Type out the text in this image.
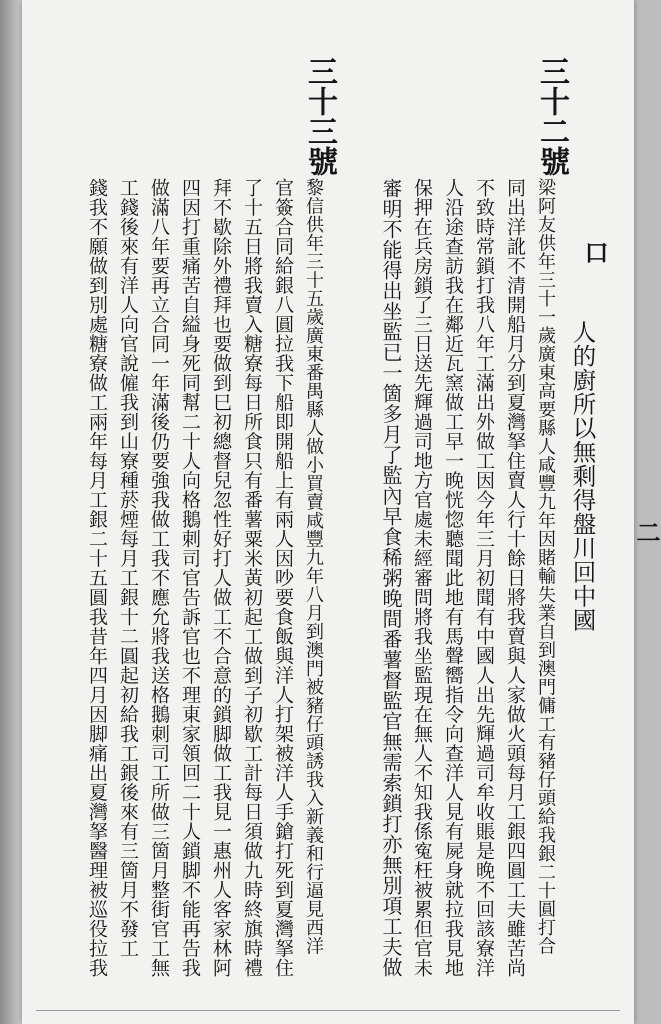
口
二
人的廚所以無剩得盤川回中國
三十二號
梁阿友供年三十一歲廣東高要縣人咸豐九年因賭輸失業自到澳門傭工有豬仔頭給我銀二十圓打合
同出洋訛不清開船月分到夏灣拏住賣人行十餘日將我賣與人家做火頭每月工銀四圓工夫雖苦尚
不致時常鎖打我八年工滿出外做工因今年三月初聞有中國人出先輝過司牟收賬是晚不回該寮洋
人沿途查訪我在鄰近瓦窯做工早一晚恍惚聽聞此地有馬聲嚮指令向查洋人見有屍身就拉我見地
保押在兵房鎖了三日送先輝過司地方官處未經審問將我坐監現在無人不知我係寃枉被累但官未
審明不能得出坐監已一箇多月了監內早食稀粥晚間番薯督監官無需索鎖打亦無別項工夫做
三十三號
黎信供年三十五歲廣東番禺縣人做小買賣咸豐九年八月到澳門被豬仔頭誘我入新義和行逼見西洋
官簽合同給銀八圓拉我下船即開船上有兩人因吵要食飯與洋人打架被洋人手鎗打死到夏灣拏住
了十五日將我賣入糖寮每日所食只有番薯粟米黃初起工做到子初歇工計每日須做九時終旗時禮
拜不歇除外禮拜也要做到巳初總督兒忽性好打人做工不合意的鎖脚做工我見一惠州人客家林阿
四因打重痛苦自縊身死同幫二十人向格鵝刺司官告訴官也不理東家領回二十人鎖脚不能再告我
做滿八年要再立合同一年滿後仍要強我做工我不應允將我送格鵝刺司工所做三箇月整街官工無
工錢後來有洋人向官說僱我到山寮種菸煙每月工銀十二圓起初給我工銀後來有三箇月不發工
錢我不願做到別處糖寮做工兩年每月工銀二十五圓我昔年四月因脚痛出夏灣拏醫理被巡役拉我
